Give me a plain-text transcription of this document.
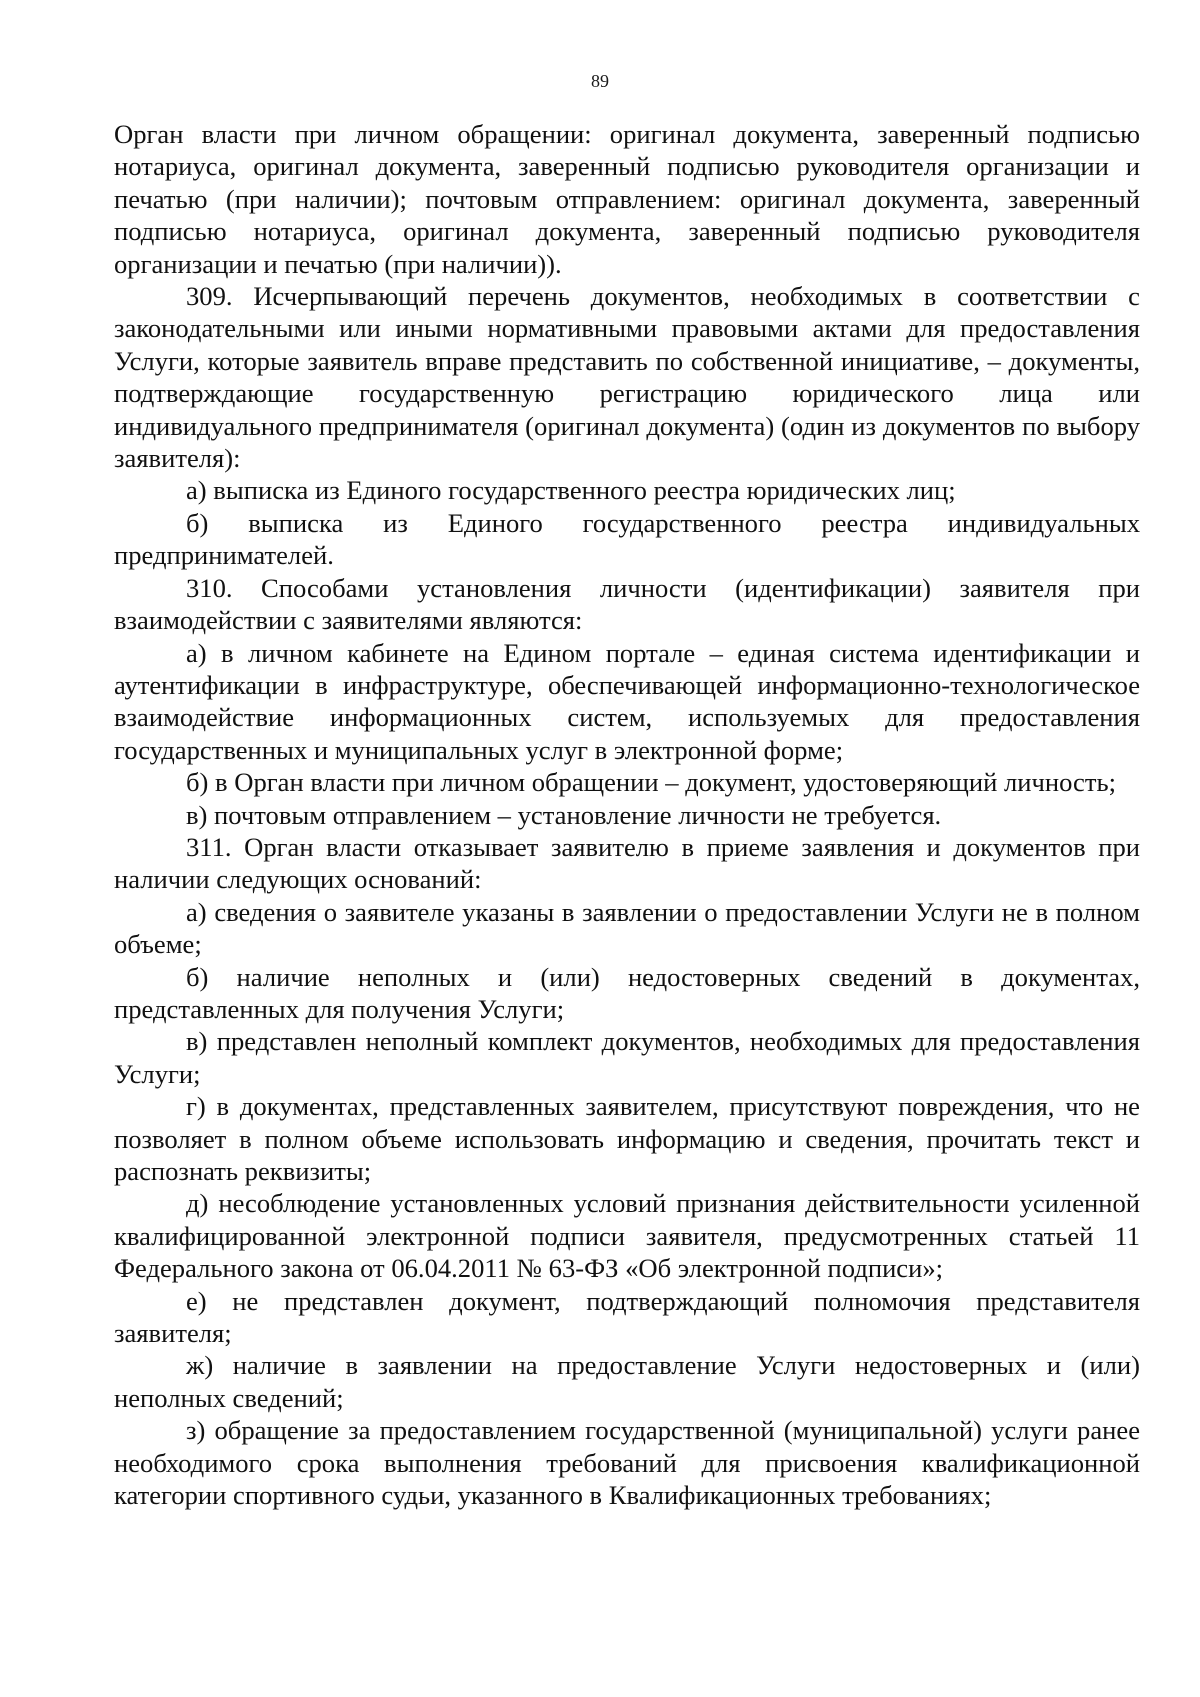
89

Орган власти при личном обращении: оригинал документа, заверенный подписью нотариуса, оригинал документа, заверенный подписью руководителя организации и печатью (при наличии); почтовым отправлением: оригинал документа, заверенный подписью нотариуса, оригинал документа, заверенный подписью руководителя организации и печатью (при наличии)).

309. Исчерпывающий перечень документов, необходимых в соответствии с законодательными или иными нормативными правовыми актами для предоставления Услуги, которые заявитель вправе представить по собственной инициативе, – документы, подтверждающие государственную регистрацию юридического лица или индивидуального предпринимателя (оригинал документа) (один из документов по выбору заявителя):

а) выписка из Единого государственного реестра юридических лиц;

б) выписка из Единого государственного реестра индивидуальных предпринимателей.

310. Способами установления личности (идентификации) заявителя при взаимодействии с заявителями являются:

а) в личном кабинете на Едином портале – единая система идентификации и аутентификации в инфраструктуре, обеспечивающей информационно-технологическое взаимодействие информационных систем, используемых для предоставления государственных и муниципальных услуг в электронной форме;

б) в Орган власти при личном обращении – документ, удостоверяющий личность;

в) почтовым отправлением – установление личности не требуется.

311. Орган власти отказывает заявителю в приеме заявления и документов при наличии следующих оснований:

а) сведения о заявителе указаны в заявлении о предоставлении Услуги не в полном объеме;

б) наличие неполных и (или) недостоверных сведений в документах, представленных для получения Услуги;

в) представлен неполный комплект документов, необходимых для предоставления Услуги;

г) в документах, представленных заявителем, присутствуют повреждения, что не позволяет в полном объеме использовать информацию и сведения, прочитать текст и распознать реквизиты;

д) несоблюдение установленных условий признания действительности усиленной квалифицированной электронной подписи заявителя, предусмотренных статьей 11 Федерального закона от 06.04.2011 № 63-ФЗ «Об электронной подписи»;

е) не представлен документ, подтверждающий полномочия представителя заявителя;

ж) наличие в заявлении на предоставление Услуги недостоверных и (или) неполных сведений;

з) обращение за предоставлением государственной (муниципальной) услуги ранее необходимого срока выполнения требований для присвоения квалификационной категории спортивного судьи, указанного в Квалификационных требованиях;
